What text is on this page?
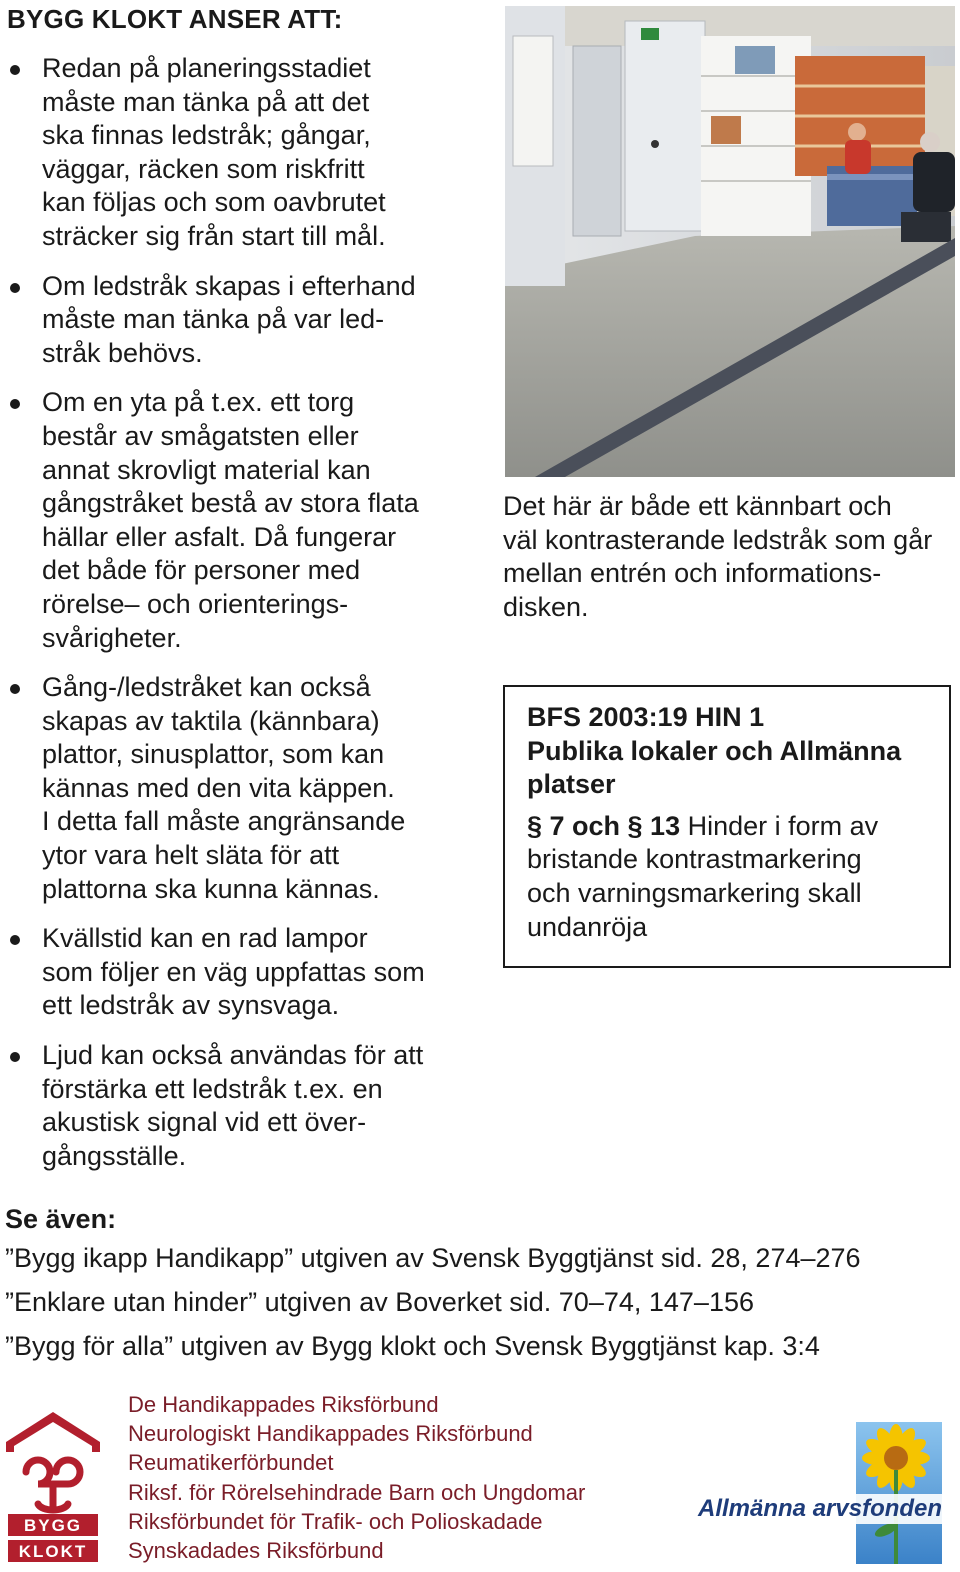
BYGG KLOKT ANSER ATT:
Redan på planeringsstadiet
måste man tänka på att det
ska finnas ledstråk; gångar,
väggar, räcken som riskfritt
kan följas och som oavbrutet
sträcker sig från start till mål.
Om ledstråk skapas i efterhand
måste man tänka på var led-
stråk behövs.
Om en yta på t.ex. ett torg
består av smågatsten eller
annat skrovligt material kan
gångstråket bestå av stora flata
hällar eller asfalt. Då fungerar
det både för personer med
rörelse– och orienterings-
svårigheter.
Gång-/ledstråket kan också
skapas av taktila (kännbara)
plattor, sinusplattor, som kan
kännas med den vita käppen.
I detta fall måste angränsande
ytor vara helt släta för att
plattorna ska kunna kännas.
Kvällstid kan en rad lampor
som följer en väg uppfattas som
ett ledstråk av synsvaga.
Ljud kan också användas för att
förstärka ett ledstråk t.ex. en
akustisk signal vid ett över-
gångsställe.

Det här är både ett kännbart och
väl kontrasterande ledstråk som går
mellan entrén och informations-
disken.

BFS 2003:19 HIN 1
Publika lokaler och Allmänna
platser
§ 7 och § 13 Hinder i form av
bristande kontrastmarkering
och varningsmarkering skall
undanröja
Se även:
”Bygg ikapp Handikapp” utgiven av Svensk Byggtjänst sid. 28, 274–276
”Enklare utan hinder” utgiven av Boverket sid. 70–74, 147–156
”Bygg för alla” utgiven av Bygg klokt och Svensk Byggtjänst kap. 3:4
BYGG
KLOKT
De Handikappades Riksförbund
Neurologiskt Handikappades Riksförbund
Reumatikerförbundet
Riksf. för Rörelsehindrade Barn och Ungdomar
Riksförbundet för Trafik- och Polioskadade
Synskadades Riksförbund
Allmänna arvsfonden
